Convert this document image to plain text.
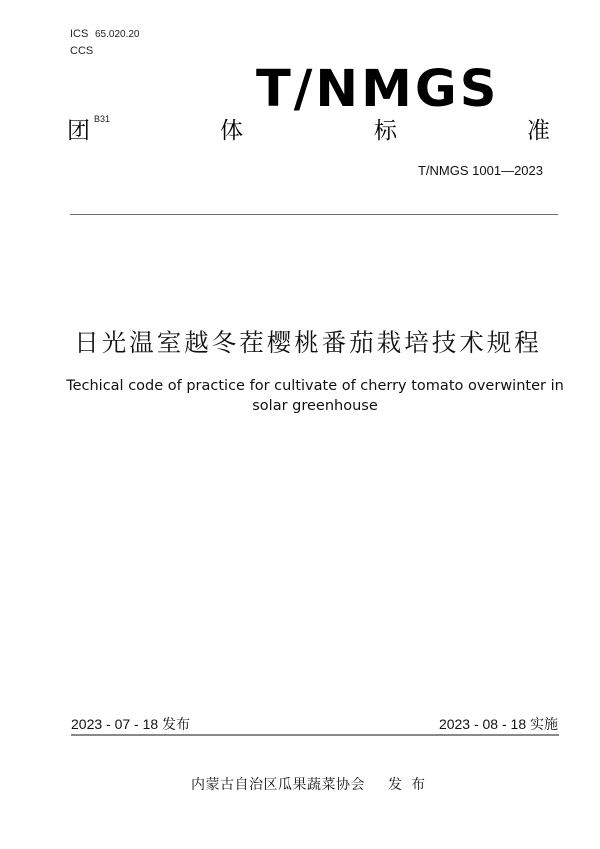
ICS 65.020.20
CCS
T/NMGS
团 B31	体	标	准
T/NMGS 1001—2023
日光温室越冬茬樱桃番茄栽培技术规程
Techical code of practice for cultivate of cherry tomato overwinter in solar greenhouse
2023 - 07 - 18 发布	2023 - 08 - 18 实施
内蒙古自治区瓜果蔬菜协会 发布
